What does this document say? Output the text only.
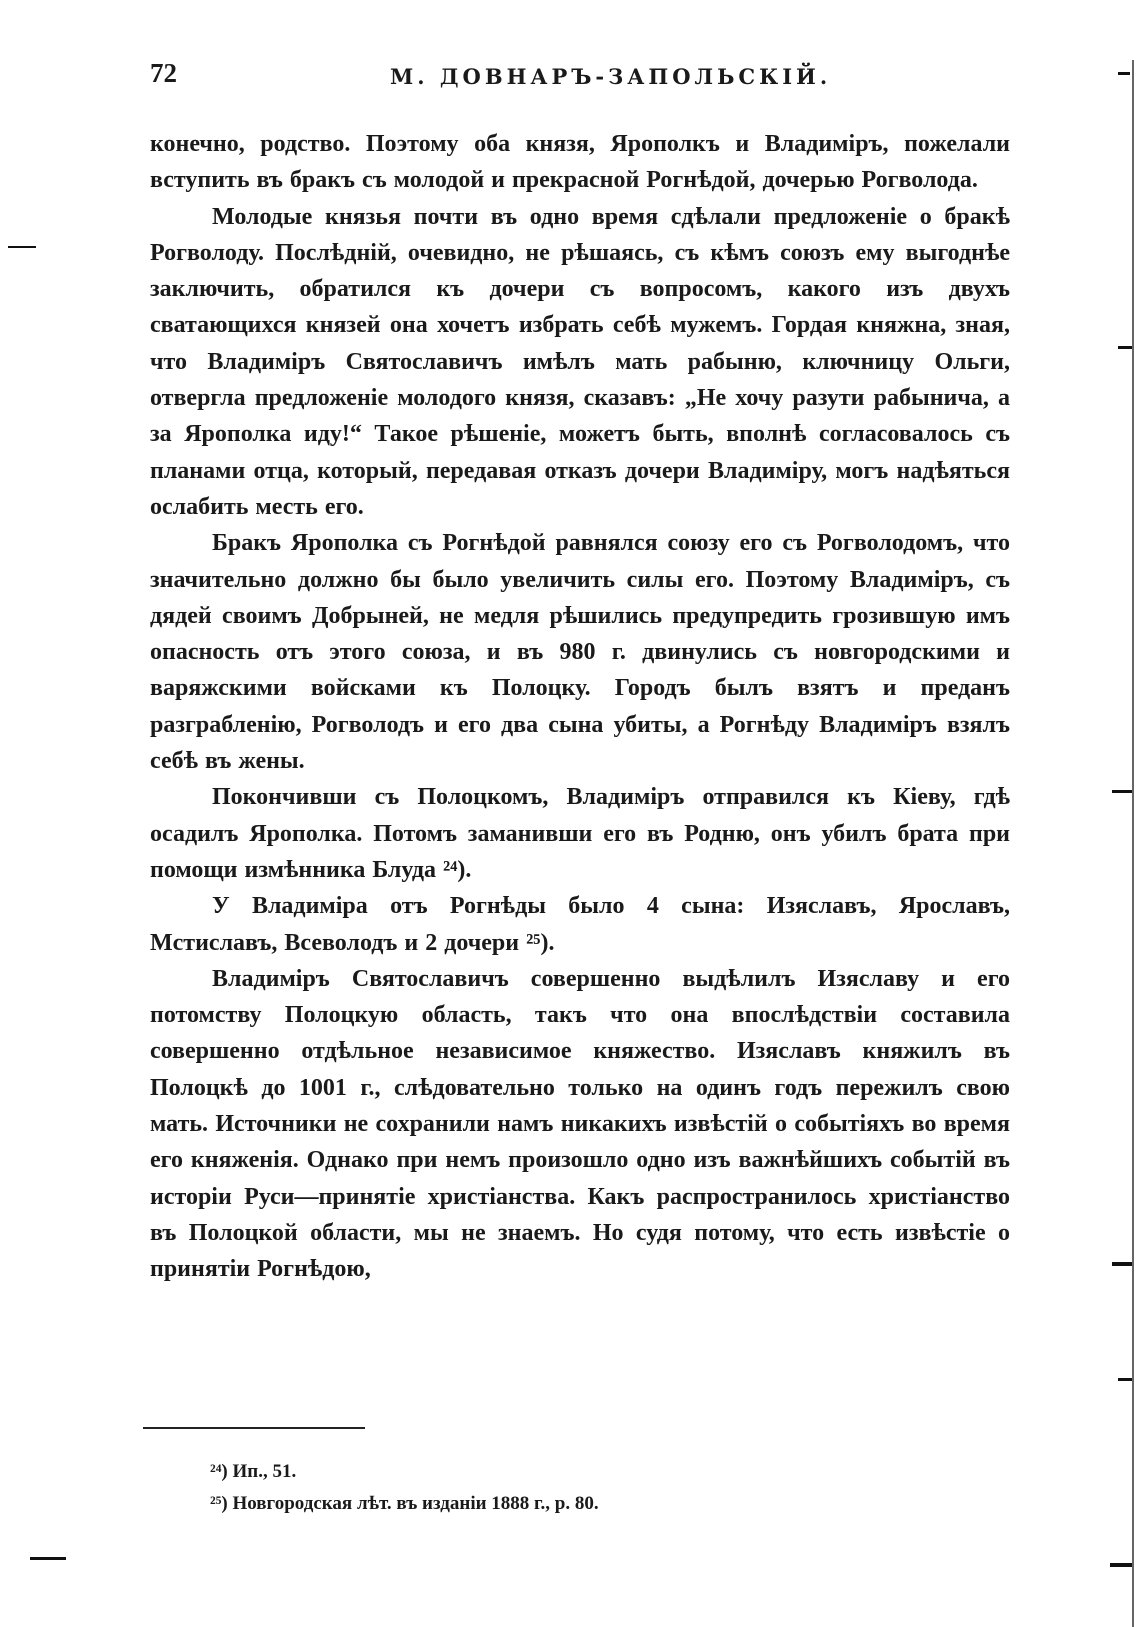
72	М. ДОВНАРЪ-ЗАПОЛЬСКІЙ.

конечно, родство. Поэтому оба князя, Ярополкъ и Владиміръ, пожелали вступить въ бракъ съ молодой и прекрасной Рогнѣдой, дочерью Рогволода.

Молодые князья почти въ одно время сдѣлали предложеніе о бракѣ Рогволоду. Послѣдній, очевидно, не рѣшаясь, съ кѣмъ союзъ ему выгоднѣе заключить, обратился къ дочери съ вопросомъ, какого изъ двухъ сватающихся князей она хочетъ избрать себѣ мужемъ. Гордая княжна, зная, что Владиміръ Святославичъ имѣлъ мать рабыню, ключницу Ольги, отвергла предложеніе молодого князя, сказавъ: „Не хочу разути рабынича, а за Ярополка иду!“ Такое рѣшеніе, можетъ быть, вполнѣ согласовалось съ планами отца, который, передавая отказъ дочери Владиміру, могъ надѣяться ослабить месть его.

Бракъ Ярополка съ Рогнѣдой равнялся союзу его съ Рогволодомъ, что значительно должно бы было увеличить силы его. Поэтому Владиміръ, съ дядей своимъ Добрыней, не медля рѣшились предупредить грозившую имъ опасность отъ этого союза, и въ 980 г. двинулись съ новгородскими и варяжскими войсками къ Полоцку. Городъ былъ взятъ и преданъ разграбленію, Рогволодъ и его два сына убиты, а Рогнѣду Владиміръ взялъ себѣ въ жены.

Покончивши съ Полоцкомъ, Владиміръ отправился къ Кіеву, гдѣ осадилъ Ярополка. Потомъ заманивши его въ Родню, онъ убилъ брата при помощи измѣнника Блуда ²⁴).

У Владиміра отъ Рогнѣды было 4 сына: Изяславъ, Ярославъ, Мстиславъ, Всеволодъ и 2 дочери ²⁵).

Владиміръ Святославичъ совершенно выдѣлилъ Изяславу и его потомству Полоцкую область, такъ что она впослѣдствіи составила совершенно отдѣльное независимое княжество. Изяславъ княжилъ въ Полоцкѣ до 1001 г., слѣдовательно только на одинъ годъ пережилъ свою мать. Источники не сохранили намъ никакихъ извѣстій о событіяхъ во время его княженія. Однако при немъ произошло одно изъ важнѣйшихъ событій въ исторіи Руси—принятіе христіанства. Какъ распространилось христіанство въ Полоцкой области, мы не знаемъ. Но судя потому, что есть извѣстіе о принятіи Рогнѣдою,

²⁴) Ип., 51.
²⁵) Новгородская лѣт. въ изданіи 1888 г., р. 80.
